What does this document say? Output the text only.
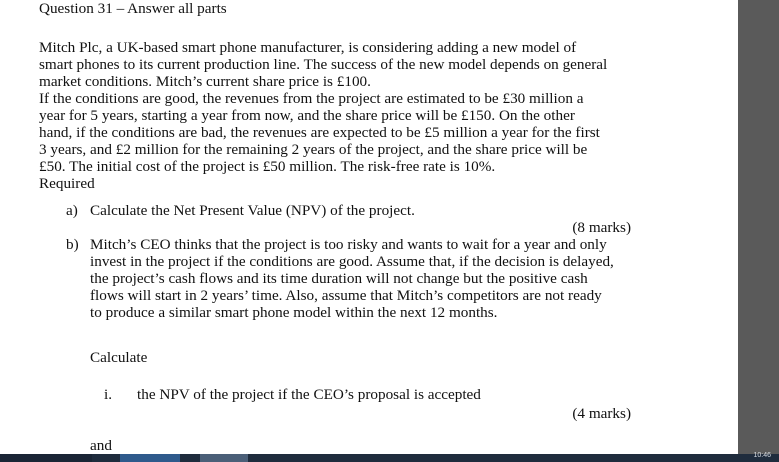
Question 31 – Answer all parts
Mitch Plc, a UK-based smart phone manufacturer, is considering adding a new model of
smart phones to its current production line. The success of the new model depends on general
market conditions. Mitch’s current share price is £100.
If the conditions are good, the revenues from the project are estimated to be £30 million a
year for 5 years, starting a year from now, and the share price will be £150. On the other
hand, if the conditions are bad, the revenues are expected to be £5 million a year for the first
3 years, and £2 million for the remaining 2 years of the project, and the share price will be
£50. The initial cost of the project is £50 million. The risk-free rate is 10%.
Required
a) Calculate the Net Present Value (NPV) of the project.
(8 marks)
b) Mitch’s CEO thinks that the project is too risky and wants to wait for a year and only
invest in the project if the conditions are good. Assume that, if the decision is delayed,
the project’s cash flows and its time duration will not change but the positive cash
flows will start in 2 years’ time. Also, assume that Mitch’s competitors are not ready
to produce a similar smart phone model within the next 12 months.
Calculate
i. the NPV of the project if the CEO’s proposal is accepted
(4 marks)
and
10:46
